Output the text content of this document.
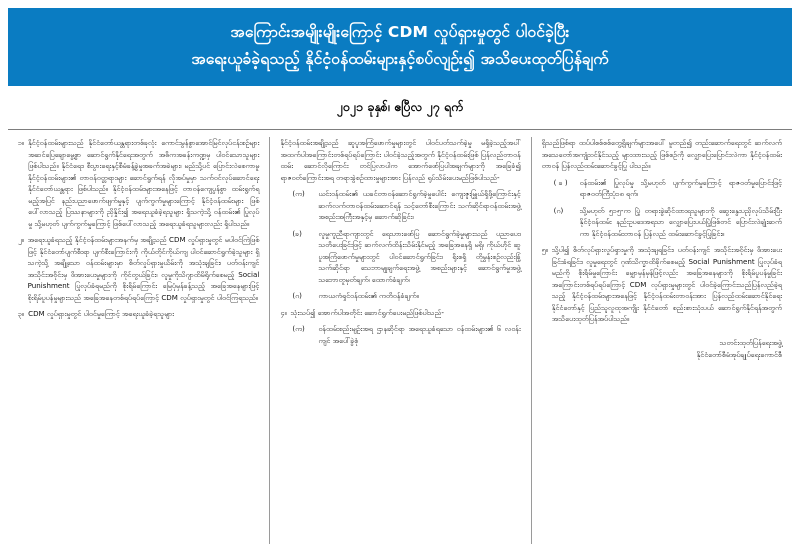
အကြောင်းအမျိုးမျိုးကြောင့် CDM လှုပ်ရှားမှုတွင် ပါဝင်ခဲ့ပြီး
အရေးယူခံခဲ့ရသည့် နိုင်ငံ့ဝန်ထမ်းများနှင့်စပ်လျဉ်း၍ အသိပေးထုတ်ပြန်ချက်
၂၀၂၁ ခုနှစ်၊ ဧပြီလ ၂၇ ရက်
၁။ နိုင်ငံ့ဝန်ထမ်းများသည် နိုင်ငံတော်ယန္တရားတစ်ခုလုံး ကောင်းမွန်စွာအောင်မြင်လုပ်ငန်းစဉ်များ အဆင်ပြေချောမွေ့စွာ ဆောင်ရွက်နိုင်ရေးအတွက် အဓိကအခန်းကဏ္ဍမှ ပါဝင်သောသူများ ဖြစ်ပါသည်။ နိုင်ငံရေး၊ စီးပွားရေးနှင့်စီမံခန့်ခွဲမှုအခက်အခဲများ၊ မည်သို့ပင် ပြောင်းလဲစေကာမူ နိုင်ငံ့ဝန်ထမ်းများ၏ တာဝန်ဝတ္တရားများ ဆောင်ရွက်ရန် လိုအပ်မှုမှာ သက်ဝင်လုပ်ဆောင်ရေး နိုင်ငံတော်ယန္တရား ဖြစ်ပါသည်။ နိုင်ငံ့ဝန်ထမ်းများအနေဖြင့် တာဝန်ကျေပွန်စွာ ထမ်းရွက်ရမည့်အပြင် နည်းပညာဖောက်ဖျက်မှုနှင့် ပျက်ကွက်မှုများကြောင့် နိုင်ငံ့ဝန်ထမ်းများ ဖြစ်ပေါ်လာသည့် ပြဿနာများကို ညှိနှိုင်း၍ အရေးယူခံခဲ့ရသူများ ရှိသကဲ့သို့ ဝန်ထမ်း၏ ပြုလုပ်မှု သို့မဟုတ် ပျက်ကွက်မှုကြောင့် ဖြစ်ပေါ်လာသည့် အရေးယူခံရသူများလည်း ရှိပါသည်။
၂။ အရေးယူခံရသည့် နိုင်ငံ့ဝန်ထမ်းများအနက်မှ အချို့သည် CDM လှုပ်ရှားမှုတွင် မပါဝင်ကြဲဖြစ်ဖြင့် နိုင်ငံတော်ပျက်စီးရာ ပျက်စီးကြောင်းကို ကိုယ်တိုင်ကိုယ်ကျ ပါဝင်ဆောင်ရွက်ခဲ့သူများ ရှိသကဲ့သို့ အချို့သော ဝန်ထမ်းများမှာ စိတ်လှုပ်ရှားမှုယိမ်းကို အသုံးချခြင်း၊ ပတ်ဝန်းကျင်အသိုင်းအဝိုင်းမှ ဖိအားပေးမှုများကို ကိုင်တွယ်ခြင်း၊ လူမှုကိုသိဂျာထိမိရိုက်စေမည့် Social Punishment ပြုလုပ်ခံရမည်ကို စိုးရိမ်ကြောင်း မြေပုံမှန်ခန့်သည့် အခြေအနေများဖြင့် စိုးရိမ်ပူပန်မှုများသည် အခြေအနေတစ်ရပ်ရပ်ကြောင့် CDM လှုပ်ရှားမှုတွင် ပါဝင်ကြရသည်။
၃။ CDM လှုပ်ရှားမှုတွင် ပါဝင်မှုကြောင့် အရေးယူခံခဲ့ရသူများ
နိုင်ငံ့ဝန်ထမ်းအချို့သည် ဆူပူအကြံဖောက်မှုများတွင် ပါဝင်ပတ်သက်ခဲ့မှု မရှိခဲ့သည့်အပါ် အထက်ပါအကြောင်းတစ်ရပ်ရပ်ကြောင်း ပါဝင်ခဲ့သည့်အတွက် နိုင်ငံ့ဝန်ထမ်းဖြစ် ပြန်လည်တာဝန်ထမ်း ဆောင်လိုကြောင်း တင်ပြလာပါက အောက်ဖော်ပြပါအချက်များကို အခြေခံ၍ ရာဇဝတ်ကြောင်းအရ တရားခွဲစဉ်ထားမှုများအား ပြန်လည် ရုပ်သိမ်းပေးမည်ဖြစ်ပါသည်-
(က)	ယင်းဝန်ထမ်း၏ ယခင်တာဝန်ဆောင်ရွက်ခဲ့မှုပေါင်း ကျေးဇူးမြှုယ်ရှိဖို့ကြောင်းနှင့် ဆက်လက်တာဝန်ထမ်းဆောင်ရန် သင့်တော်စီးကြောင်း သက်ဆိုင်ရာဝန်ထမ်းအဖွဲ့ အစည်းအကြီးအနှင့်မှ ဆောက်ဆိုခြင်း၊
(ခ)	လူမှုကူညီရာကျားတွင် ရေးဟားဖော်ပြ ဆောင်ရွက်ခဲ့မှုများသည် ပညာပေး၊ သတိပေးခြင်းဖြင့် ဆက်လက်ထိန်းသိမ်းနိုင်မည့် အခြေအနေရှိ မရှိ၊ ကိုယ်ဟိုင် ဆူပူအကြံဖောက်မှုများတွင် ပါဝင်ဆောင်ရွက်ခြင်း၊ ရိုးစရှိ တိုမွှန်းစဉ်လည်းခြံ့ သက်ဆိုင်ရာ သေဘာမျုချက်ရေးအဖွဲ့ အစည်းများနှင့် ဆောင်ရွက်မှုအဖွဲ့ သဘောတူမှတ်ချက်၊ ထောက်ခံချက်၊
(ဂ)	ကာယကံရှင်ဝန်ထမ်း၏ ကတိဝန်ခံချက်။
၄။ သုံးသပ်၍ အောက်ပါအတိုင်း ဆောင်ရွက်ပေးမည်ဖြစ်ပါသည်-
(က)	ဝန်ထမ်းစည်းမျဉ်းအရ ဌာနဆိုင်ရာ အရေးယူခံရသော ဝန်ထမ်းများ၏ ၆ လဝန်းကျင် အပေါ်ခွဲစုံ
ရှိသည်ဖြစ်ရာ ထပ်ပါစစ်စစ်တွေ့ရှိချက်များအပေါ် မူတည်၍ တည်းဆောက်ရေးတွင် ဆက်လက်အသေတော်အကျုံးဝင်နိုင်သည့် များထားသည့် ဖြစ်စဉ်ကို လျှောပြေးပြောင်းလဲကာ နိုင်ငံ့ဝန်ထမ်းတာဝန် ပြန်လည်ထမ်းဆောင်ခွင့်ပြု ပါသည်။
( ခ )	ဝန်ထမ်း၏ ပြုလုပ်မှု သို့မဟုတ် ပျက်ကွက်မှုကြောင့် ရာဇဝတ်မှုပြောင်းဖြင့် ရာဇဝတ်ကြီးပုံ၁၈ ရက်၊
(ဂ)	သို့မဟုတ် ၅၁၅-က ပြဲ့ တရားခွဲဆိုင်ထားရသူများကို ဆွေးနွေးပညှိလုပ်သိမ်းပြီး နိုင်ငံ့ဝန်ထမ်း နည်းဥပဒေအရသာ လျှောပြေးပယ်ပြဲ့ဖြစ်တင် ပြောင်းလဲချုံးဆက်ကာ နိုင်ငံ့ဝန်ထမ်းတာဝန် ပြန်လည် ထမ်းဆောင်ခွင့်ပြုခြင်း။
၅။ သို့ပါ၍ စိတ်လုပ်ရှားလှုပ်ရှားမှုကို အသုံးချရခြင်း၊ ပတ်ဝန်းကျင် အသိုင်းအဝိုင်းမှ ဖိအားပေးခြင်းခံရခြင်း၊ လူမှုရေးတွင် ဂုဏ်သိက္ခာထိခိုက်စေမည့် Social Punishment ပြုလုပ်ခံရမည်ကို စိုးရိမ်မှုကြောင်း မျှောမှန်မှန်ဖြင့်လည်း အခြေအနေများကို စိုးရိမ်ပူပန်မှုခြင်း အကြောင်းတစ်ရပ်ရပ်ကြောင့် CDM လုပ်ရှားမှုများတွင် ပါဝင်ခဲ့ကြောင်းသည်ပြန်လည်ခဲ့ရသည့် နိုင်ငံ့ဝန်ထမ်းများအနေဖြင့် နိုင်ငံ့ဝန်ထမ်းတာဝန်းအား ပြန်လည်ထမ်းဆောင်နိုင်ရေး နိုင်ငံတော်နှင့် ပြည်သူလူထုအကျိုး နိုင်ငံတော် စည်းစားသုံးပယ် ဆောင်ရွက်နိုင်ရန်အတွက် အသိပေးထုတ်ပြန်အပ်ပါသည်။
သတင်းထုတ်ပြန်ရေးအဖွဲ့
နိုင်ငံတော်စီမံအုပ်ချုပ်ရေးကောင်စီ
